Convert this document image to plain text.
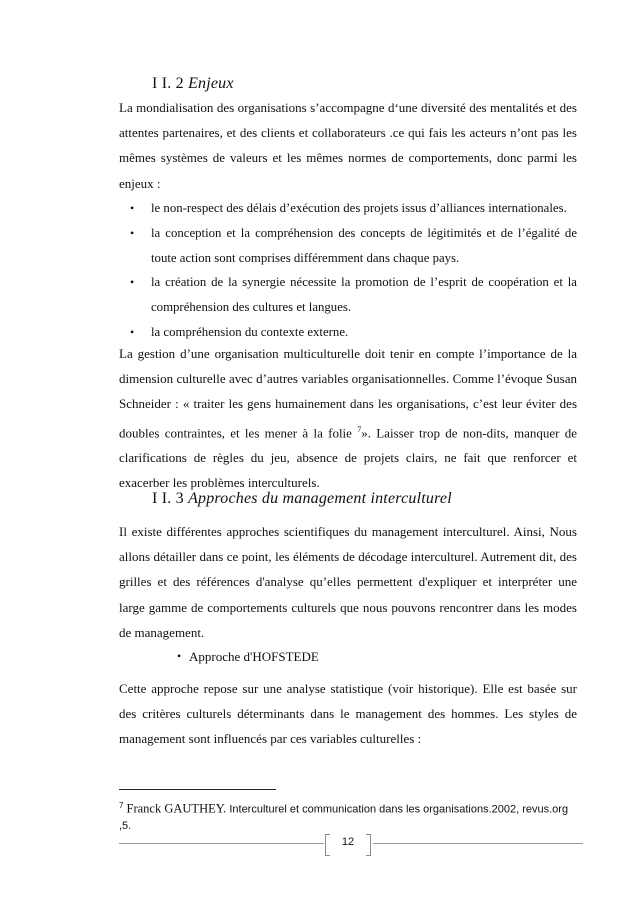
I I. 2 Enjeux

La mondialisation des organisations s’accompagne d‘une diversité des mentalités et des attentes partenaires, et des clients et collaborateurs .ce qui fais les acteurs n’ont pas les mêmes systèmes de valeurs et les mêmes normes de comportements, donc parmi les enjeux :

• le non-respect des délais d’exécution des projets issus d’alliances internationales.
• la conception et la compréhension des concepts de légitimités et de l’égalité de toute action sont comprises différemment dans chaque pays.
• la création de la synergie nécessite la promotion de l’esprit de coopération et la compréhension des cultures et langues.
• la compréhension du contexte externe.

La gestion d’une organisation multiculturelle doit tenir en compte l’importance de la dimension culturelle avec d’autres variables organisationnelles. Comme l’évoque Susan Schneider : « traiter les gens humainement dans les organisations, c’est leur éviter des doubles contraintes, et les mener à la folie $^7$». Laisser trop de non-dits, manquer de clarifications de règles du jeu, absence de projets clairs, ne fait que renforcer et exacerber les problèmes interculturels.

I I. 3 Approches du management interculturel

Il existe différentes approches scientifiques du management interculturel. Ainsi, Nous allons détailler dans ce point, les éléments de décodage interculturel. Autrement dit, des grilles et des références d'analyse qu’elles permettent d'expliquer et interpréter une large gamme de comportements culturels que nous pouvons rencontrer dans les modes de management.

• Approche d'HOFSTEDE

Cette approche repose sur une analyse statistique (voir historique). Elle est basée sur des critères culturels déterminants dans le management des hommes. Les styles de management sont influencés par ces variables culturelles :

$^7$ Franck GAUTHEY. Interculturel et communication dans les organisations.2002, revus.org ,5.
12
